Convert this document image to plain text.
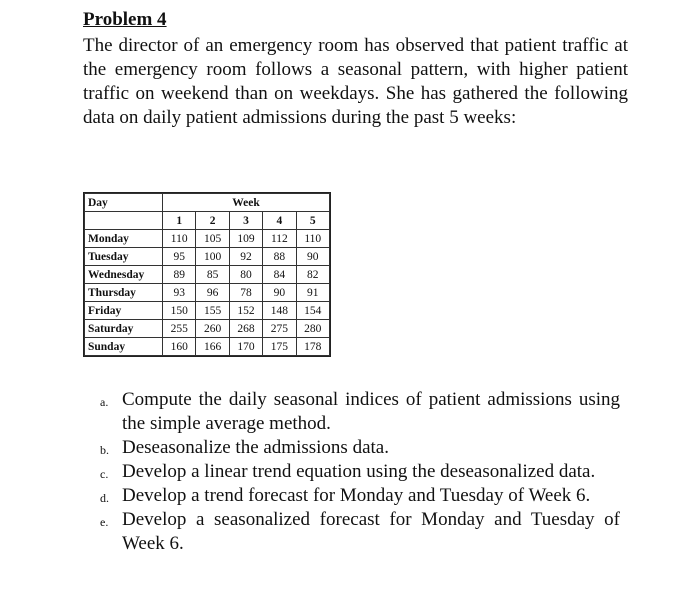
Problem 4
The director of an emergency room has observed that patient traffic at the emergency room follows a seasonal pattern, with higher patient traffic on weekend than on weekdays. She has gathered the following data on daily patient admissions during the past 5 weeks:
Day	Week				
	1	2	3	4	5
Monday	110	105	109	112	110
Tuesday	95	100	92	88	90
Wednesday	89	85	80	84	82
Thursday	93	96	78	90	91
Friday	150	155	152	148	154
Saturday	255	260	268	275	280
Sunday	160	166	170	175	178
a. Compute the daily seasonal indices of patient admissions using the simple average method.
b. Deseasonalize the admissions data.
c. Develop a linear trend equation using the deseasonalized data.
d. Develop a trend forecast for Monday and Tuesday of Week 6.
e. Develop a seasonalized forecast for Monday and Tuesday of Week 6.
